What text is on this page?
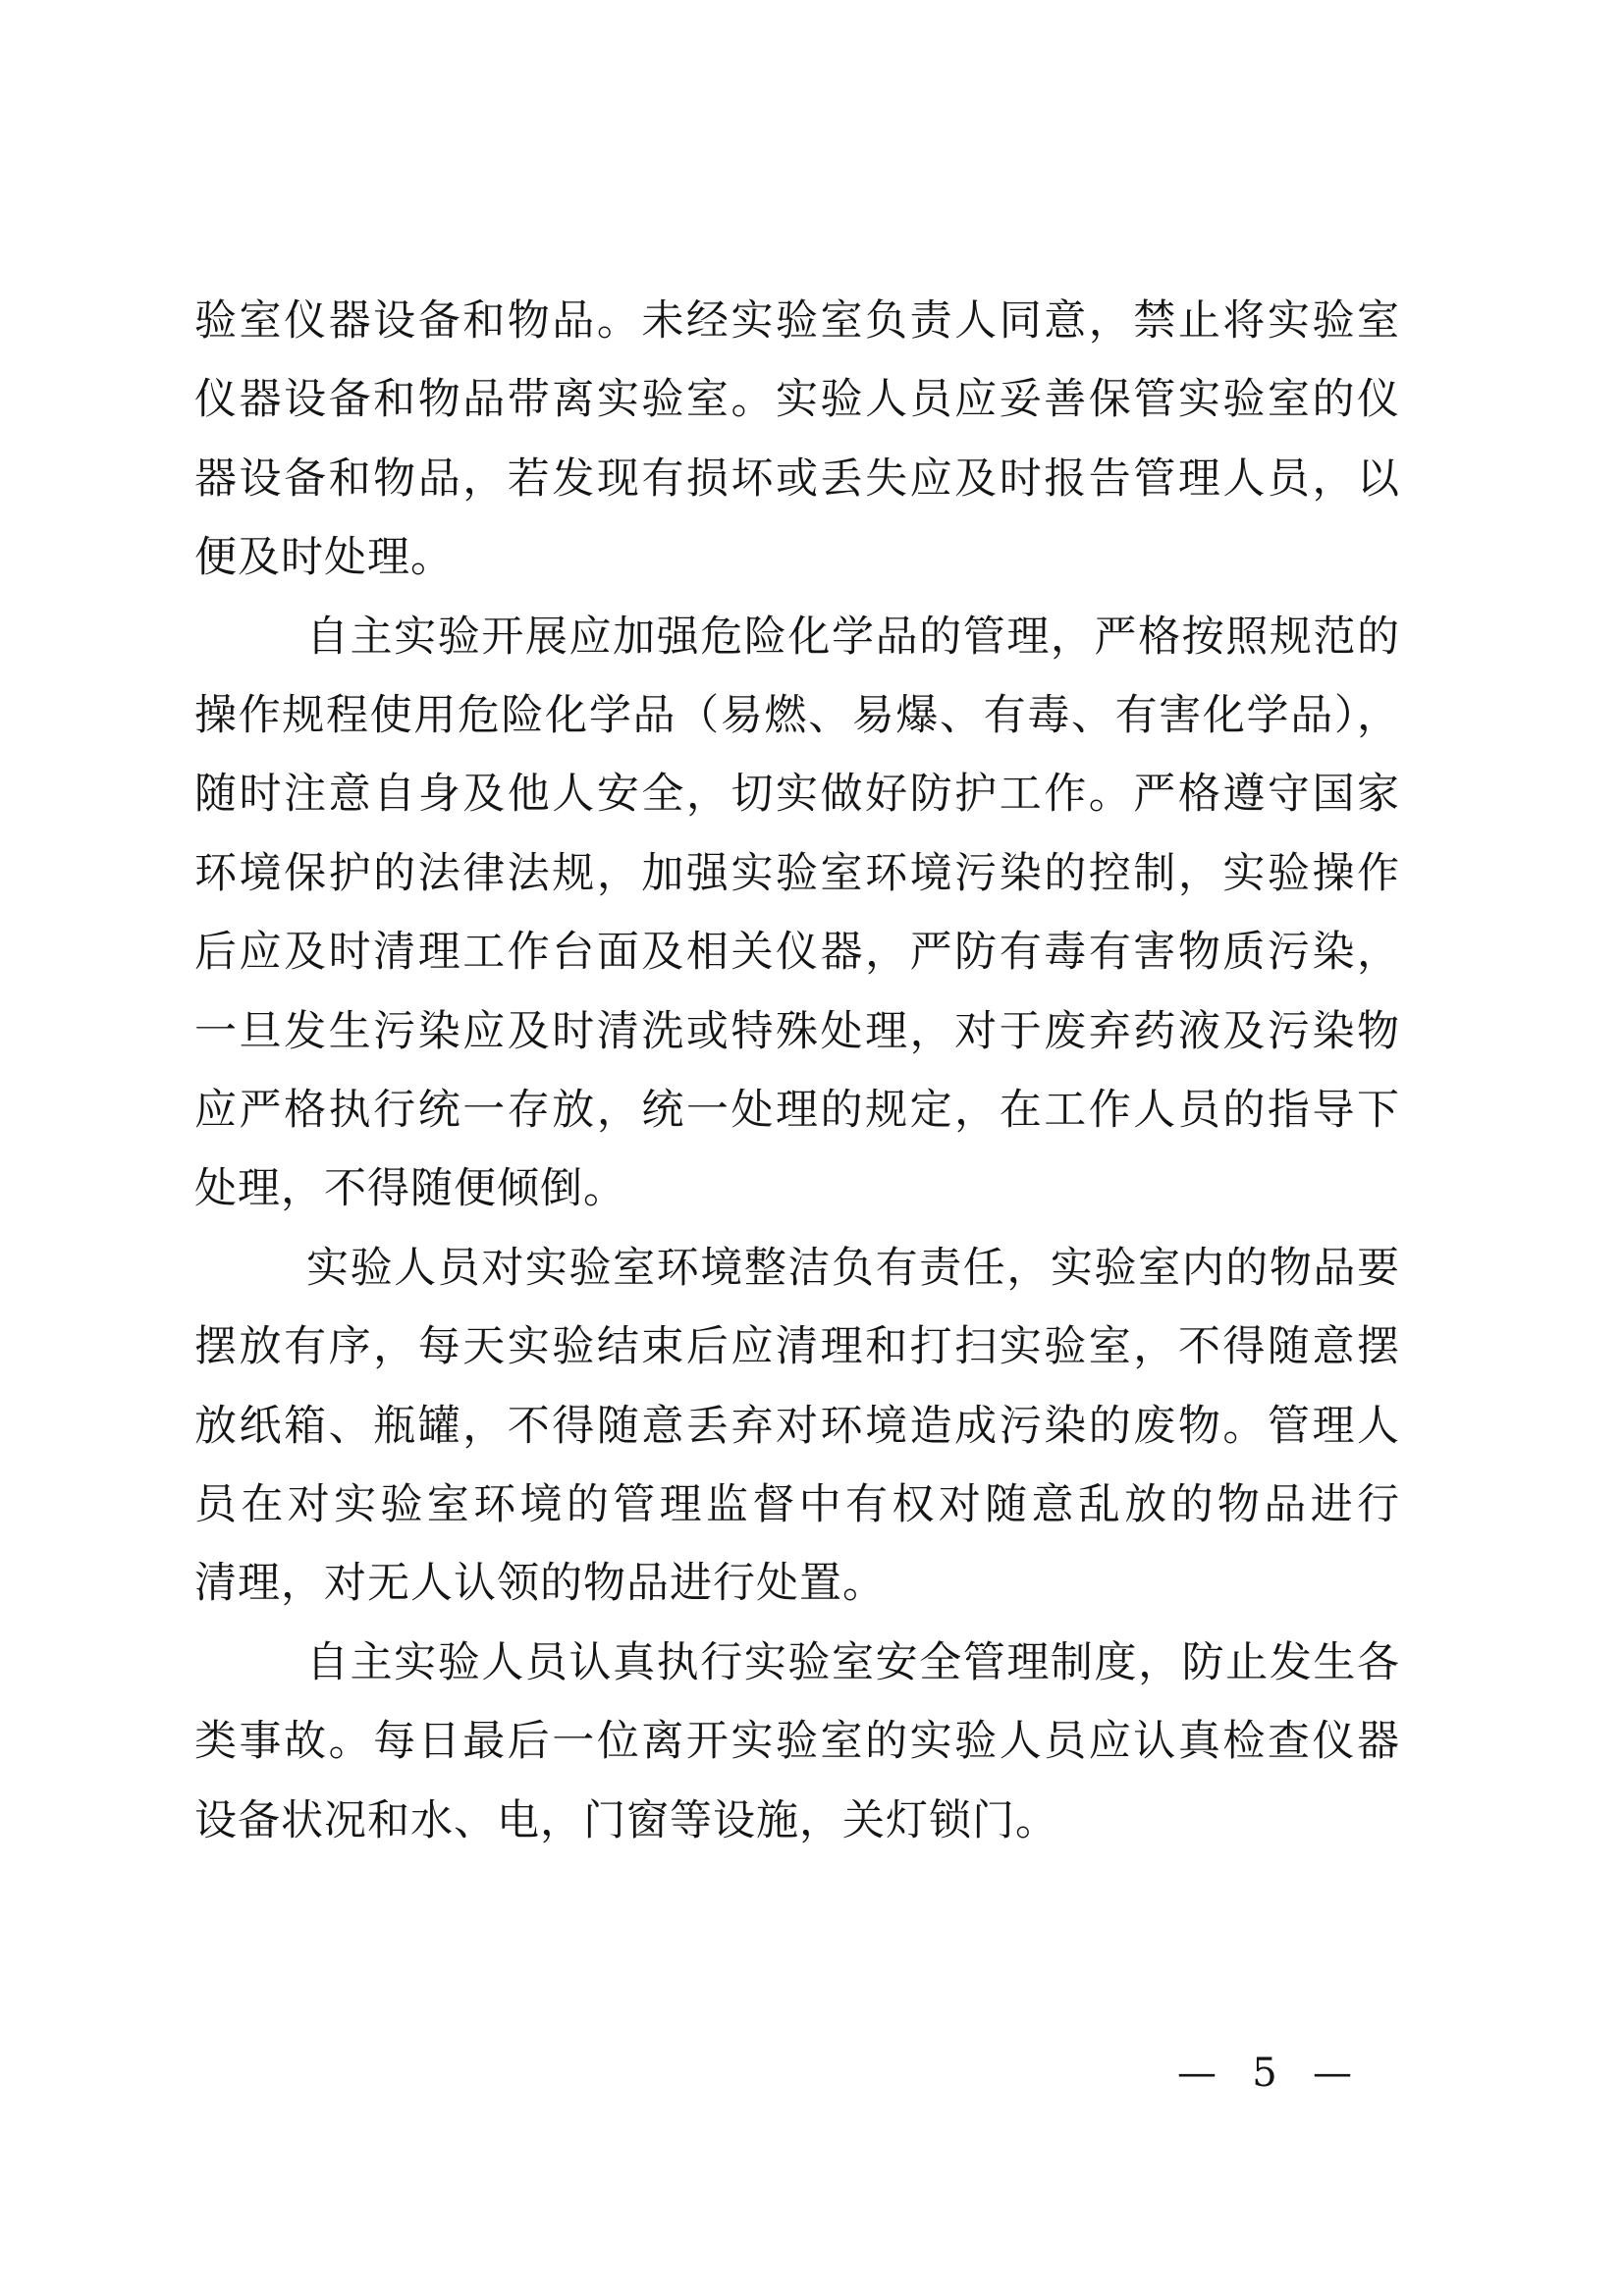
验室仪器设备和物品。未经实验室负责人同意，禁止将实验室
仪器设备和物品带离实验室。实验人员应妥善保管实验室的仪
器设备和物品，若发现有损坏或丢失应及时报告管理人员，以
便及时处理。
自主实验开展应加强危险化学品的管理，严格按照规范的
操作规程使用危险化学品（易燃、易爆、有毒、有害化学品），
随时注意自身及他人安全，切实做好防护工作。严格遵守国家
环境保护的法律法规，加强实验室环境污染的控制，实验操作
后应及时清理工作台面及相关仪器，严防有毒有害物质污染，
一旦发生污染应及时清洗或特殊处理，对于废弃药液及污染物
应严格执行统一存放，统一处理的规定，在工作人员的指导下
处理，不得随便倾倒。
实验人员对实验室环境整洁负有责任，实验室内的物品要
摆放有序，每天实验结束后应清理和打扫实验室，不得随意摆
放纸箱、瓶罐，不得随意丢弃对环境造成污染的废物。管理人
员在对实验室环境的管理监督中有权对随意乱放的物品进行
清理，对无人认领的物品进行处置。
自主实验人员认真执行实验室安全管理制度，防止发生各
类事故。每日最后一位离开实验室的实验人员应认真检查仪器
设备状况和水、电，门窗等设施，关灯锁门。
— 5 —
